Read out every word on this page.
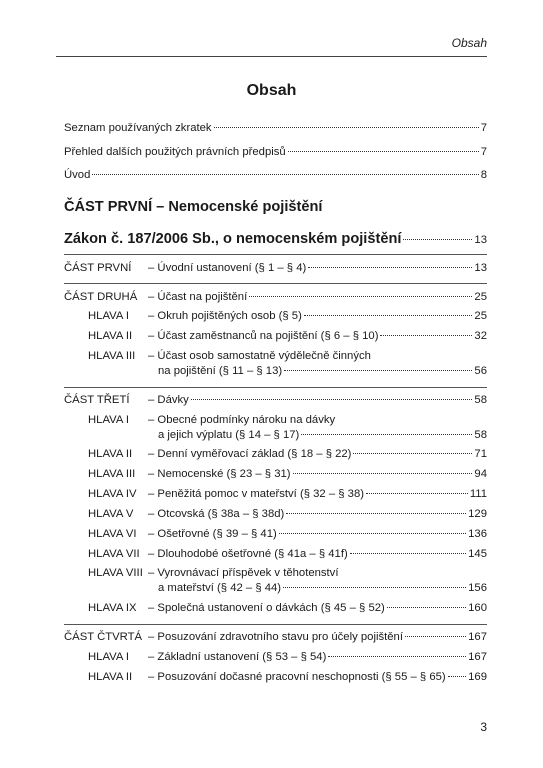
Obsah
Obsah
Seznam používaných zkratek	7
Přehled dalších použitých právních předpisů	7
Úvod	8
ČÁST PRVNÍ – Nemocenské pojištění
Zákon č. 187/2006 Sb., o nemocenském pojištění	13
ČÁST PRVNÍ	– Úvodní ustanovení (§ 1 – § 4)	13
ČÁST DRUHÁ – Účast na pojištění	25
HLAVA I	– Okruh pojištěných osob (§ 5)	25
HLAVA II	– Účast zaměstnanců na pojištění (§ 6 – § 10)	32
HLAVA III	– Účast osob samostatně výdělečně činných
na pojištění (§ 11 – § 13)	56
ČÁST TŘETÍ	– Dávky	58
HLAVA I	– Obecné podmínky nároku na dávky
a jejich výplatu (§ 14 – § 17)	58
HLAVA II	– Denní vyměřovací základ (§ 18 – § 22)	71
HLAVA III	– Nemocenské (§ 23 – § 31)	94
HLAVA IV	– Peněžitá pomoc v mateřství (§ 32 – § 38)	111
HLAVA V	– Otcovská (§ 38a – § 38d)	129
HLAVA VI	– Ošetřovné (§ 39 – § 41)	136
HLAVA VII – Dlouhodobé ošetřovné (§ 41a – § 41f)	145
HLAVA VIII – Vyrovnávací příspěvek v těhotenství
a mateřství (§ 42 – § 44)	156
HLAVA IX	– Společná ustanovení o dávkách (§ 45 – § 52)	160
ČÁST ČTVRTÁ – Posuzování zdravotního stavu pro účely pojištění	167
HLAVA I	– Základní ustanovení (§ 53 – § 54)	167
HLAVA II	– Posuzování dočasné pracovní neschopnosti (§ 55 – § 65) 169
3
